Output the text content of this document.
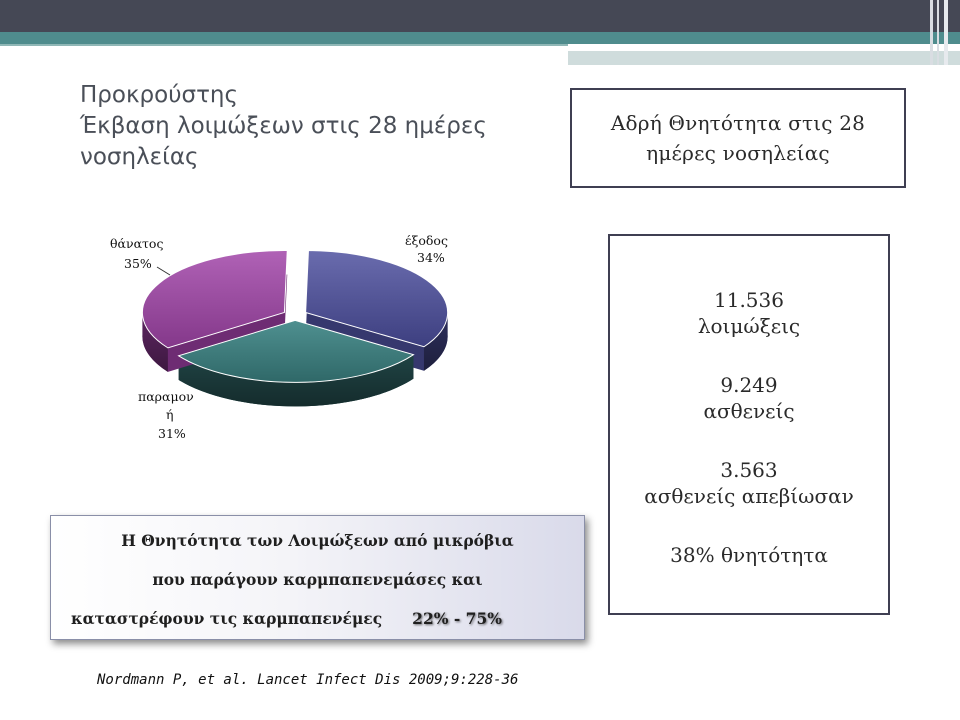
Προκρούστης
Έκβαση λοιμώξεων στις 28 ημέρες
νοσηλείας
Αδρή Θνητότητα στις 28
ημέρες νοσηλείας
11.536
λοιμώξεις
9.249
ασθενείς
3.563
ασθενείς απεβίωσαν
38% θνητότητα
έξοδος
34%
θάνατος
35%
παραμον
ή
31%
Η Θνητότητα των Λοιμώξεων από μικρόβια
που παράγουν καρμπαπενεμάσες και
καταστρέφουν τις καρμπαπενέμες 22% - 75%
Nordmann P, et al. Lancet Infect Dis 2009;9:228-36
